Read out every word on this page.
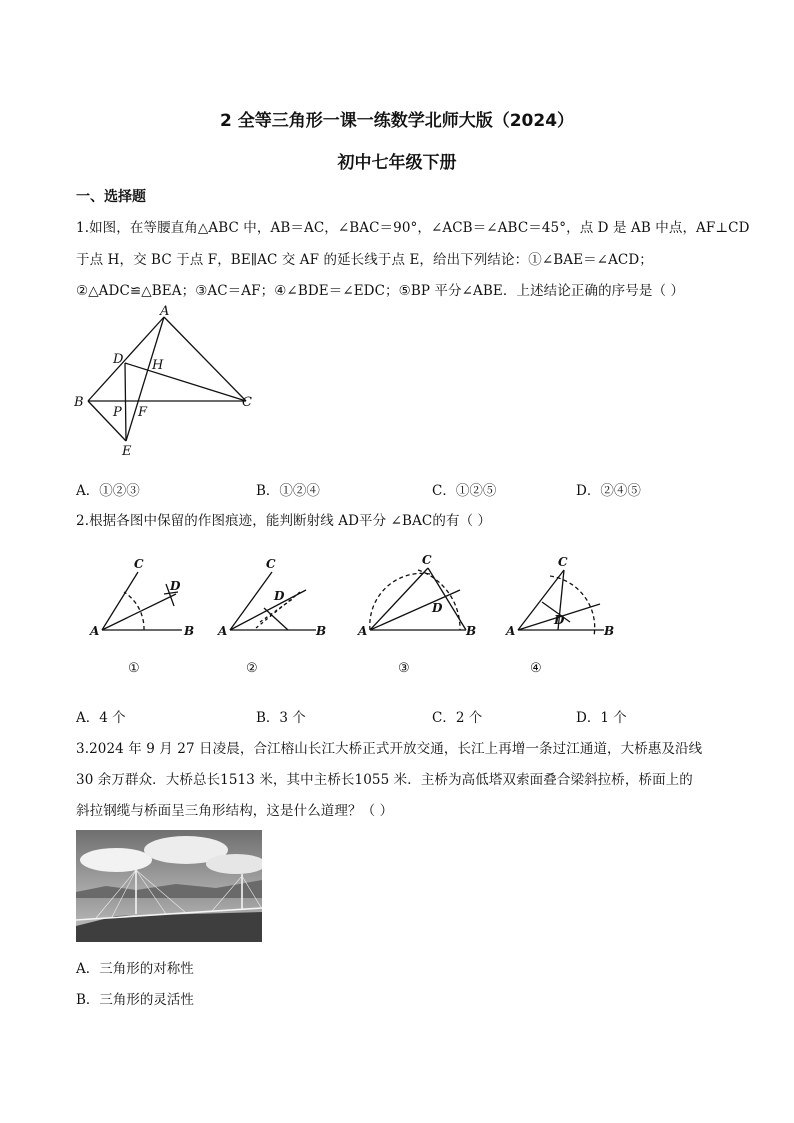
2 全等三角形一课一练数学北师大版（2024）
初中七年级下册
一、选择题
1.如图，在等腰直角△ABC 中，AB＝AC，∠BAC＝90°，∠ACB＝∠ABC＝45°，点 D 是 AB 中点，AF⊥CD
于点 H，交 BC 于点 F，BE∥AC 交 AF 的延长线于点 E，给出下列结论：①∠BAE＝∠ACD；
②△ADC≌△BEA；③AC＝AF；④∠BDE＝∠EDC；⑤BP 平分∠ABE．上述结论正确的序号是（ ）
A
B	C
D
E
F
H
P
A．①②③	B．①②④	C．①②⑤	D．②④⑤
2.根据各图中保留的作图痕迹，能判断射线 AD平分 ∠BAC的有（ ）
A	B
C
D
A	B
C
D
A	B
C
D
A	B
C
D
①	②	③	④
A．4 个	B．3 个	C．2 个	D．1 个
3.2024 年 9 月 27 日凌晨，合江榕山长江大桥正式开放交通，长江上再增一条过江通道，大桥惠及沿线
30 余万群众．大桥总长1513 米，其中主桥长1055 米．主桥为高低塔双索面叠合梁斜拉桥，桥面上的
斜拉钢缆与桥面呈三角形结构，这是什么道理？（ ）
A．三角形的对称性
B．三角形的灵活性
